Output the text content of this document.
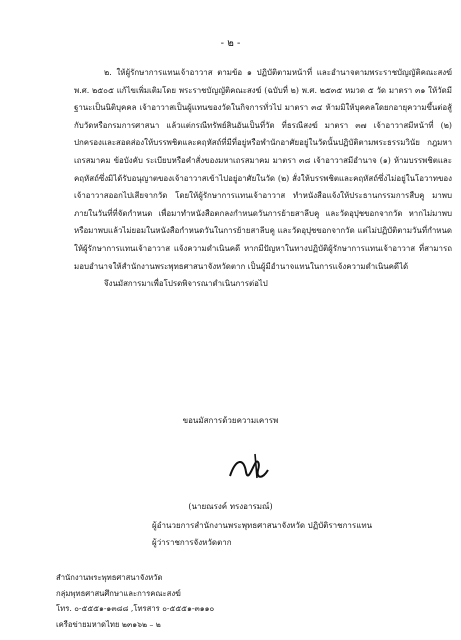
- ๒ -

๒. ให้ผู้รักษาการแทนเจ้าอาวาส ตามข้อ ๑ ปฏิบัติตามหน้าที่ และอำนาจตามพระราชบัญญัติคณะสงฆ์ พ.ศ. ๒๕๐๕ แก้ไขเพิ่มเติมโดย พระราชบัญญัติคณะสงฆ์ (ฉบับที่ ๒) พ.ศ. ๒๕๓๕ หมวด ๕ วัด มาตรา ๓๑ ให้วัดมีฐานะเป็นนิติบุคคล เจ้าอาวาสเป็นผู้แทนของวัดในกิจการทั่วไป มาตรา ๓๔ ห้ามมิให้บุคคลใดยกอายุความขึ้นต่อสู้กับวัดหรือกรมการศาสนา แล้วแต่กรณีทรัพย์สินอันเป็นที่วัด ที่ธรณีสงฆ์ มาตรา ๓๗ เจ้าอาวาสมีหน้าที่ (๒) ปกครองและสอดส่องให้บรรพชิตและคฤหัสถ์ที่มีที่อยู่หรือพำนักอาศัยอยู่ในวัดนั้นปฏิบัติตามพระธรรมวินัย กฎมหาเถรสมาคม ข้อบังคับ ระเบียบหรือคำสั่งของมหาเถรสมาคม มาตรา ๓๘ เจ้าอาวาสมีอำนาจ (๑) ห้ามบรรพชิตและคฤหัสถ์ซึ่งมิได้รับอนุญาตของเจ้าอาวาสเข้าไปอยู่อาศัยในวัด (๒) สั่งให้บรรพชิตและคฤหัสถ์ซึ่งไม่อยู่ในโอวาทของเจ้าอาวาสออกไปเสียจากวัด โดยให้ผู้รักษาการแทนเจ้าอาวาส ทำหนังสือแจ้งให้ประธานกรรมการสืบคู มาพบภายในวันที่ที่จัดกำหนด เพื่อมาทำหนังสือตกลงกำหนดวันการย้ายสาลีบคู และวัดอุปุชขอกจากวัด หากไม่มาพบ หรือมาพบแล้วไม่ยอมในหนังสือกำหนดวันในการย้ายสาลีบคู และวัดอุปุชขอกจากวัด แต่ไม่ปฏิบัติตามวันที่กำหนด ให้ผู้รักษาการแทนเจ้าอาวาส แจ้งความดำเนินคดี หากมีปัญหาในทางปฏิบัติผู้รักษาการแทนเจ้าอาวาส ที่สามารถมอบอำนาจให้สำนักงานพระพุทธศาสนาจังหวัดตาก เป็นผู้มีอำนาจแทนในการแจ้งความดำเนินคดีได้

จึงนมัสการมาเพื่อโปรดพิจารณาดำเนินการต่อไป

ขอนมัสการด้วยความเคารพ
(นายณรงค์ ทรงอารมณ์)
ผู้อำนวยการสำนักงานพระพุทธศาสนาจังหวัด ปฏิบัติราชการแทน
ผู้ว่าราชการจังหวัดตาก
สำนักงานพระพุทธศาสนาจังหวัด
กลุ่มพุทธศาสนศึกษาและการคณะสงฆ์
โทร. ๐-๕๕๕๑-๑๓๘๘ ,โทรสาร ๐-๕๕๕๑-๓๑๑๐
เครือข่ายมหาดไทย ๒๓๑๖๒ – ๒
